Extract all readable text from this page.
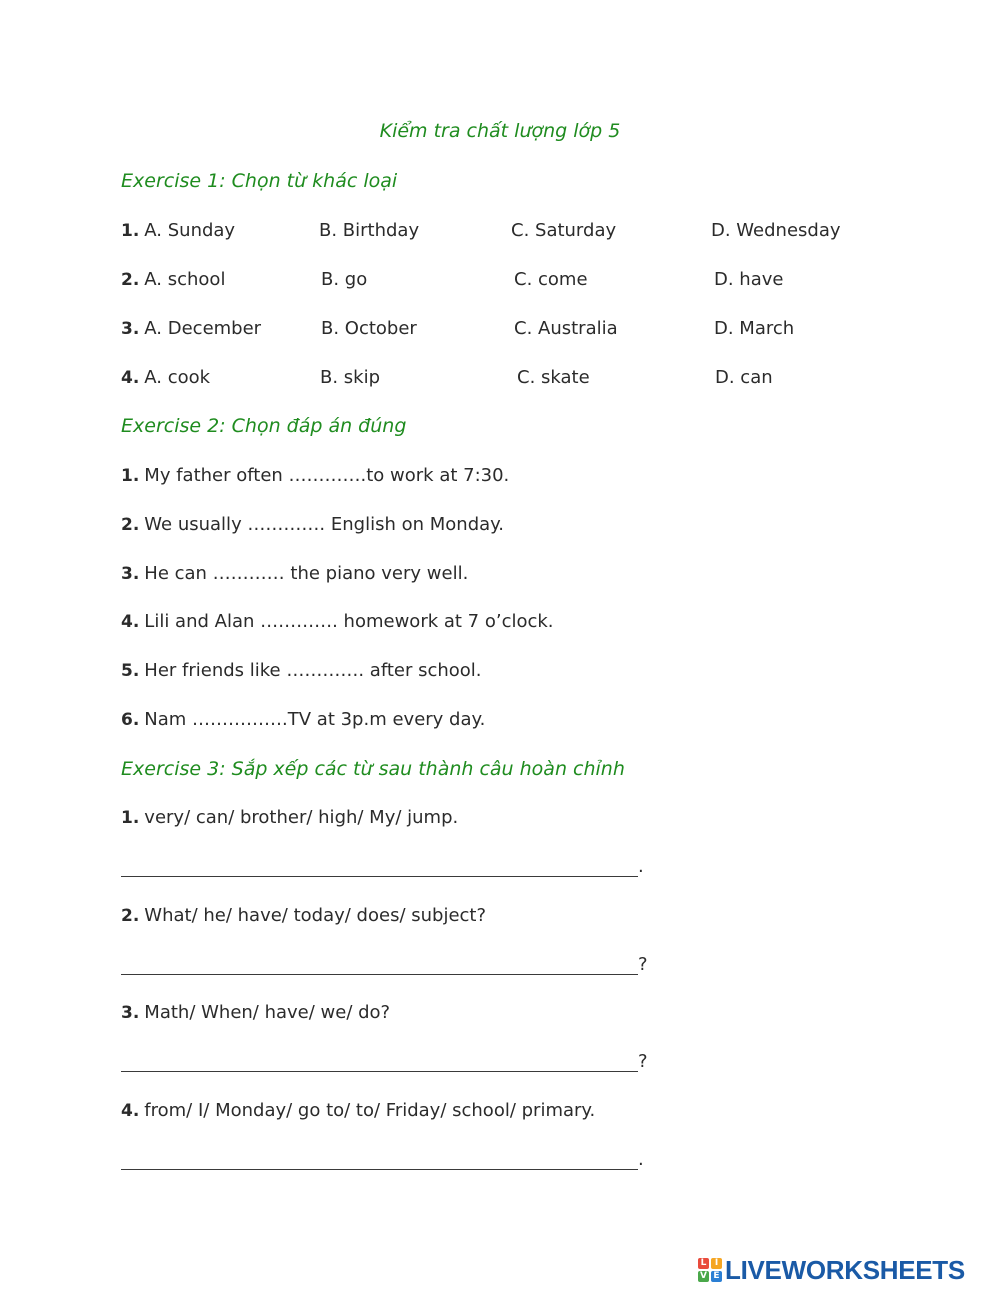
Kiểm tra chất lượng lớp 5
Exercise 1: Chọn từ khác loại
1. A. Sunday	B. Birthday	C. Saturday	D. Wednesday
2. A. school	B. go	C. come	D. have
3. A. December	B. October	C. Australia	D. March
4. A. cook	B. skip	C. skate	D. can
Exercise 2: Chọn đáp án đúng
1. My father often ………….to work at 7:30.
2. We usually …………. English on Monday.
3. He can ………… the piano very well.
4. Lili and Alan …………. homework at 7 o’clock.
5. Her friends like …………. after school.
6. Nam …………….TV at 3p.m every day.
Exercise 3: Sắp xếp các từ sau thành câu hoàn chỉnh
1. very/ can/ brother/ high/ My/ jump.
.
2. What/ he/ have/ today/ does/ subject?
?
3. Math/ When/ have/ we/ do?
?
4. from/ I/ Monday/ go to/ to/ Friday/ school/ primary.
.
L I
V E LIVEWORKSHEETS
